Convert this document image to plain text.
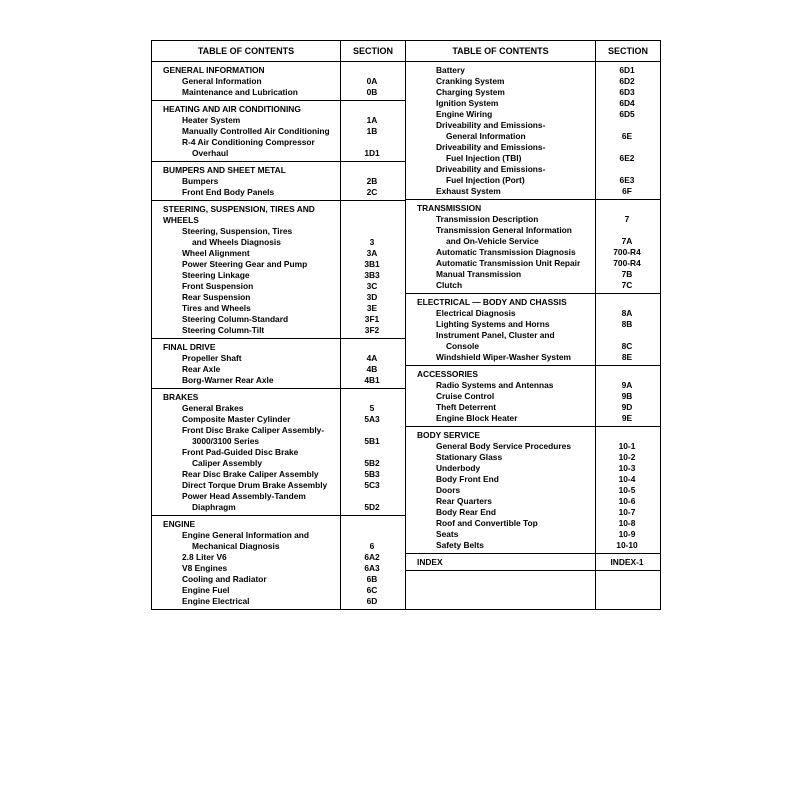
TABLE OF CONTENTS	SECTION
GENERAL INFORMATION
General Information	0A
Maintenance and Lubrication	0B
HEATING AND AIR CONDITIONING
Heater System	1A
Manually Controlled Air Conditioning	1B
R-4 Air Conditioning Compressor
Overhaul	1D1
BUMPERS AND SHEET METAL
Bumpers	2B
Front End Body Panels	2C
STEERING, SUSPENSION, TIRES AND
WHEELS
Steering, Suspension, Tires
and Wheels Diagnosis	3
Wheel Alignment	3A
Power Steering Gear and Pump	3B1
Steering Linkage	3B3
Front Suspension	3C
Rear Suspension	3D
Tires and Wheels	3E
Steering Column-Standard	3F1
Steering Column-Tilt	3F2
FINAL DRIVE
Propeller Shaft	4A
Rear Axle	4B
Borg-Warner Rear Axle	4B1
BRAKES
General Brakes	5
Composite Master Cylinder	5A3
Front Disc Brake Caliper Assembly-
3000/3100 Series	5B1
Front Pad-Guided Disc Brake
Caliper Assembly	5B2
Rear Disc Brake Caliper Assembly	5B3
Direct Torque Drum Brake Assembly	5C3
Power Head Assembly-Tandem
Diaphragm	5D2
ENGINE
Engine General Information and
Mechanical Diagnosis	6
2.8 Liter V6	6A2
V8 Engines	6A3
Cooling and Radiator	6B
Engine Fuel	6C
Engine Electrical	6D
TABLE OF CONTENTS	SECTION
Battery	6D1
Cranking System	6D2
Charging System	6D3
Ignition System	6D4
Engine Wiring	6D5
Driveability and Emissions-
General Information	6E
Driveability and Emissions-
Fuel Injection (TBI)	6E2
Driveability and Emissions-
Fuel Injection (Port)	6E3
Exhaust System	6F
TRANSMISSION
Transmission Description	7
Transmission General Information
and On-Vehicle Service	7A
Automatic Transmission Diagnosis	700-R4
Automatic Transmission Unit Repair	700-R4
Manual Transmission	7B
Clutch	7C
ELECTRICAL — BODY AND CHASSIS
Electrical Diagnosis	8A
Lighting Systems and Horns	8B
Instrument Panel, Cluster and
Console	8C
Windshield Wiper-Washer System	8E
ACCESSORIES
Radio Systems and Antennas	9A
Cruise Control	9B
Theft Deterrent	9D
Engine Block Heater	9E
BODY SERVICE
General Body Service Procedures	10-1
Stationary Glass	10-2
Underbody	10-3
Body Front End	10-4
Doors	10-5
Rear Quarters	10-6
Body Rear End	10-7
Roof and Convertible Top	10-8
Seats	10-9
Safety Belts	10-10
INDEX	INDEX-1
